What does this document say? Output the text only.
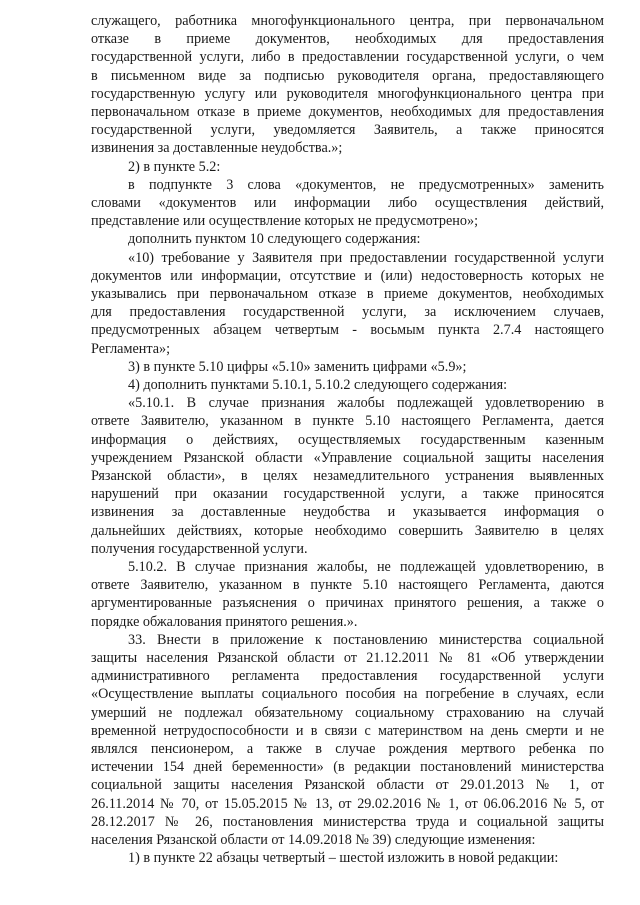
служащего, работника многофункционального центра, при первоначальном
отказе в приеме документов, необходимых для предоставления
государственной услуги, либо в предоставлении государственной услуги, о чем
в письменном виде за подписью руководителя органа, предоставляющего
государственную услугу или руководителя многофункционального центра при
первоначальном отказе в приеме документов, необходимых для предоставления
государственной услуги, уведомляется Заявитель, а также приносятся
извинения за доставленные неудобства.»;
2) в пункте 5.2:
в подпункте 3 слова «документов, не предусмотренных» заменить
словами «документов или информации либо осуществления действий,
представление или осуществление которых не предусмотрено»;
дополнить пунктом 10 следующего содержания:
«10) требование у Заявителя при предоставлении государственной услуги
документов или информации, отсутствие и (или) недостоверность которых не
указывались при первоначальном отказе в приеме документов, необходимых
для предоставления государственной услуги, за исключением случаев,
предусмотренных абзацем четвертым - восьмым пункта 2.7.4 настоящего
Регламента»;
3) в пункте 5.10 цифры «5.10» заменить цифрами «5.9»;
4) дополнить пунктами 5.10.1, 5.10.2 следующего содержания:
«5.10.1. В случае признания жалобы подлежащей удовлетворению в
ответе Заявителю, указанном в пункте 5.10 настоящего Регламента, дается
информация о действиях, осуществляемых государственным казенным
учреждением Рязанской области «Управление социальной защиты населения
Рязанской области», в целях незамедлительного устранения выявленных
нарушений при оказании государственной услуги, а также приносятся
извинения за доставленные неудобства и указывается информация о
дальнейших действиях, которые необходимо совершить Заявителю в целях
получения государственной услуги.
5.10.2. В случае признания жалобы, не подлежащей удовлетворению, в
ответе Заявителю, указанном в пункте 5.10 настоящего Регламента, даются
аргументированные разъяснения о причинах принятого решения, а также о
порядке обжалования принятого решения.».
33. Внести в приложение к постановлению министерства социальной
защиты населения Рязанской области от 21.12.2011 № 81 «Об утверждении
административного регламента предоставления государственной услуги
«Осуществление выплаты социального пособия на погребение в случаях, если
умерший не подлежал обязательному социальному страхованию на случай
временной нетрудоспособности и в связи с материнством на день смерти и не
являлся пенсионером, а также в случае рождения мертвого ребенка по
истечении 154 дней беременности» (в редакции постановлений министерства
социальной защиты населения Рязанской области от 29.01.2013 № 1, от
26.11.2014 № 70, от 15.05.2015 № 13, от 29.02.2016 № 1, от 06.06.2016 № 5, от
28.12.2017 № 26, постановления министерства труда и социальной защиты
населения Рязанской области от 14.09.2018 № 39) следующие изменения:
1) в пункте 22 абзацы четвертый – шестой изложить в новой редакции:
